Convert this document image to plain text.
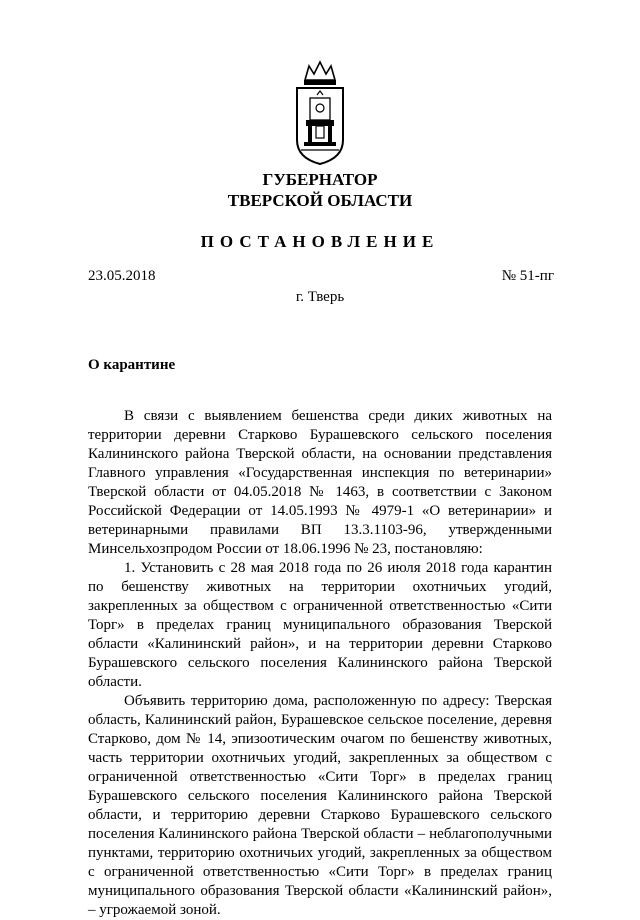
ГУБЕРНАТОР
ТВЕРСКОЙ ОБЛАСТИ
ПОСТАНОВЛЕНИЕ
23.05.2018	№ 51-пг
г. Тверь
О карантине

В связи с выявлением бешенства среди диких животных на территории деревни Старково Бурашевского сельского поселения Калининского района Тверской области, на основании представления Главного управления «Государственная инспекция по ветеринарии» Тверской области от 04.05.2018 № 1463, в соответствии с Законом Российской Федерации от 14.05.1993 № 4979-1 «О ветеринарии» и ветеринарными правилами ВП 13.3.1103-96, утвержденными Минсельхозпродом России от 18.06.1996 № 23, постановляю:

1. Установить с 28 мая 2018 года по 26 июля 2018 года карантин по бешенству животных на территории охотничьих угодий, закрепленных за обществом с ограниченной ответственностью «Сити Торг» в пределах границ муниципального образования Тверской области «Калининский район», и на территории деревни Старково Бурашевского сельского поселения Калининского района Тверской области.

Объявить территорию дома, расположенную по адресу: Тверская область, Калининский район, Бурашевское сельское поселение, деревня Старково, дом № 14, эпизоотическим очагом по бешенству животных, часть территории охотничьих угодий, закрепленных за обществом с ограниченной ответственностью «Сити Торг» в пределах границ Бурашевского сельского поселения Калининского района Тверской области, и территорию деревни Старково Бурашевского сельского поселения Калининского района Тверской области – неблагополучными пунктами, территорию охотничьих угодий, закрепленных за обществом с ограниченной ответственностью «Сити Торг» в пределах границ муниципального образования Тверской области «Калининский район», – угрожаемой зоной.
